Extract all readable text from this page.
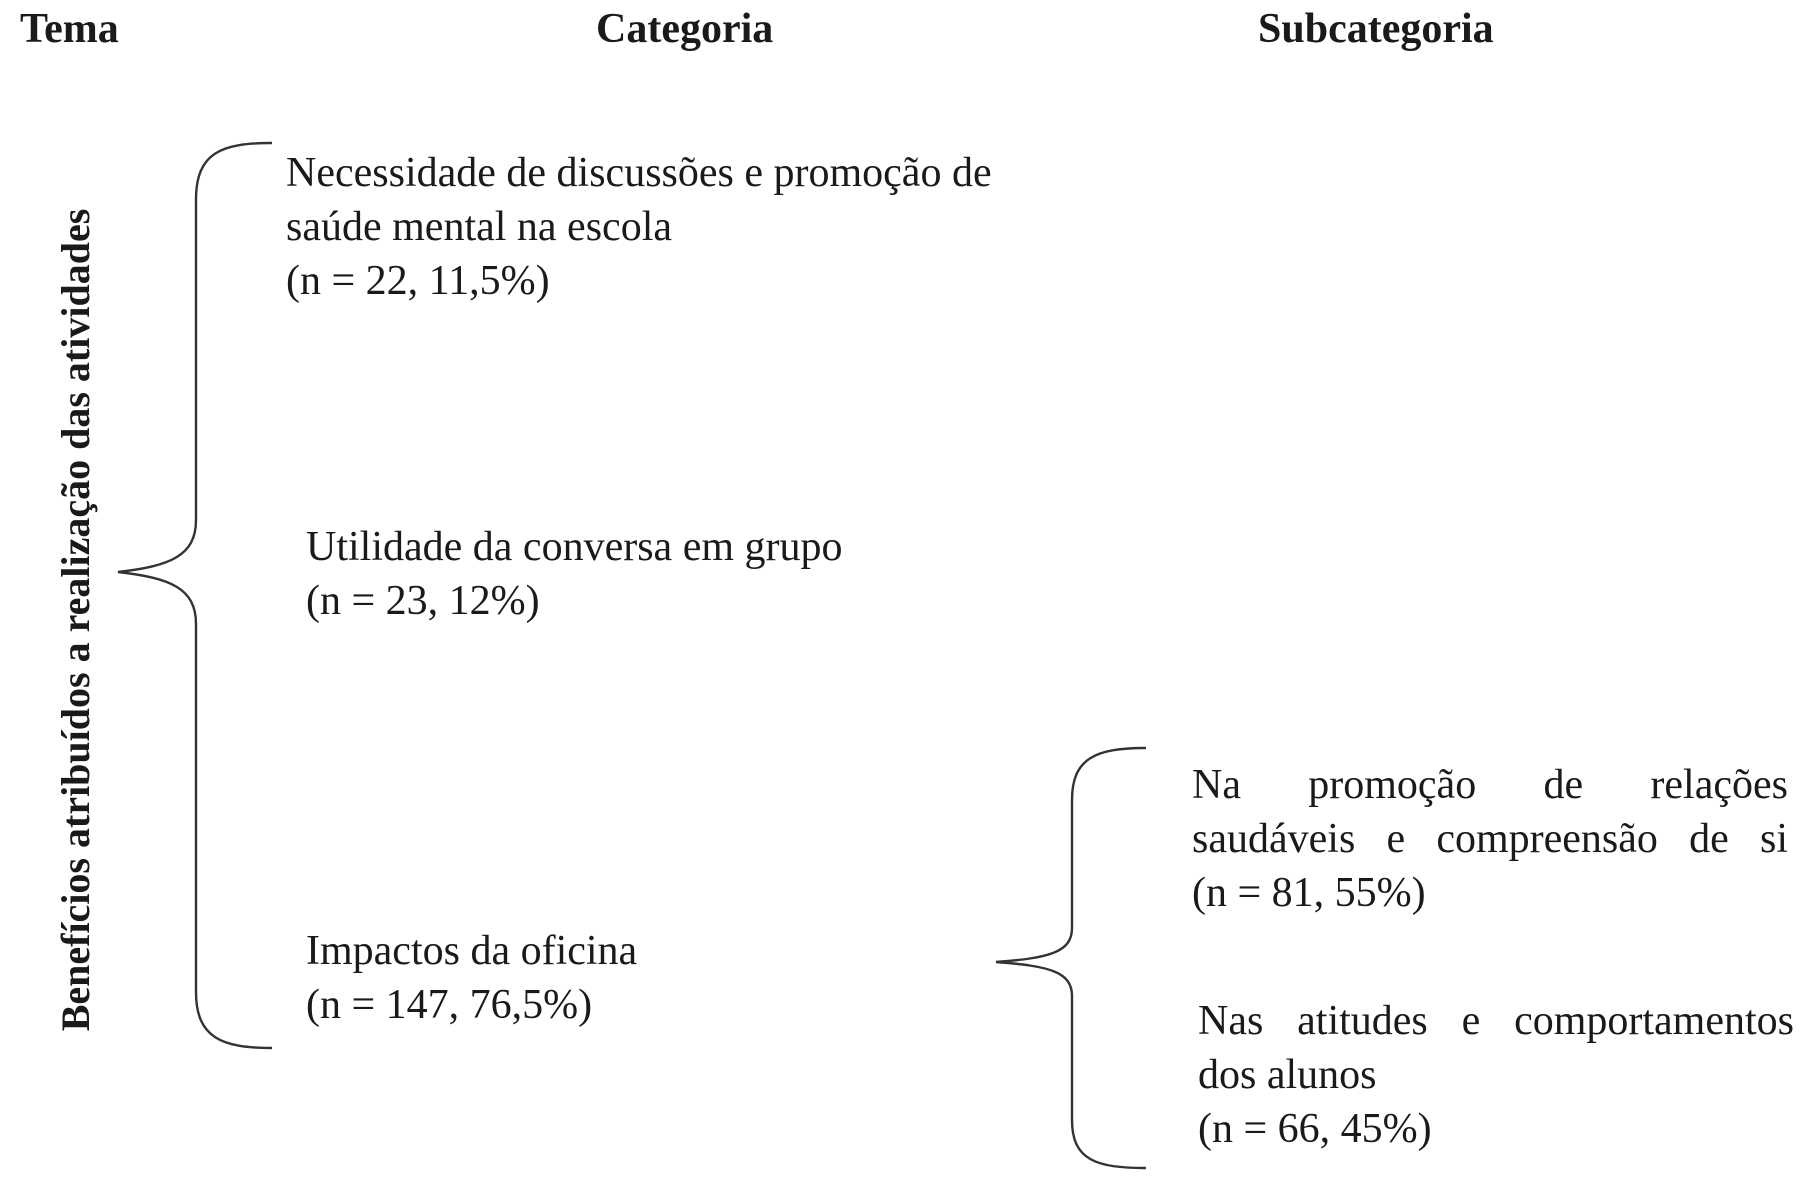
Tema	Categoria	Subcategoria
Benefícios atribuídos a realização das atividades
Necessidade de discussões e promoção de
saúde mental na escola
(n = 22, 11,5%)
Utilidade da conversa em grupo
(n = 23, 12%)
Impactos da oficina
(n = 147, 76,5%)
Na promoção de relações
saudáveis e compreensão de si
(n = 81, 55%)
Nas atitudes e comportamentos
dos alunos
(n = 66, 45%)
